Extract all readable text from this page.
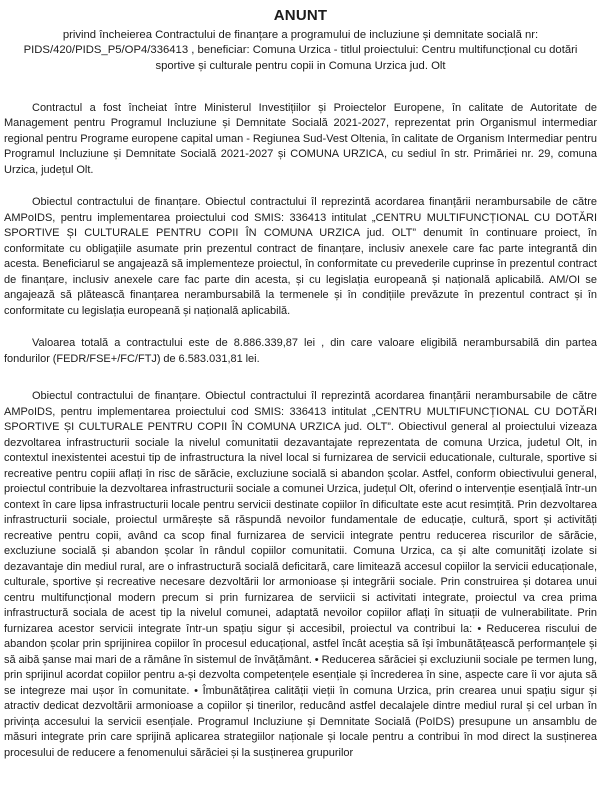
ANUNT

privind încheierea Contractului de finanțare a programului de incluziune și demnitate socială nr: PIDS/420/PIDS_P5/OP4/336413 , beneficiar: Comuna Urzica - titlul proiectului: Centru multifuncțional cu dotări sportive și culturale pentru copii in Comuna Urzica jud. Olt

Contractul a fost încheiat între Ministerul Investițiilor și Proiectelor Europene, în calitate de Autoritate de Management pentru Programul Incluziune și Demnitate Socială 2021-2027, reprezentat prin Organismul intermediar regional pentru Programe europene capital uman - Regiunea Sud-Vest Oltenia, în calitate de Organism Intermediar pentru Programul Incluziune și Demnitate Socială 2021-2027 și COMUNA URZICA, cu sediul în str. Primăriei nr. 29, comuna Urzica, județul Olt.

Obiectul contractului de finanțare. Obiectul contractului îl reprezintă acordarea finanțării nerambursabile de către AMPoIDS, pentru implementarea proiectului cod SMIS: 336413 intitulat „CENTRU MULTIFUNCȚIONAL CU DOTĂRI SPORTIVE ȘI CULTURALE PENTRU COPII ÎN COMUNA URZICA jud. OLT” denumit în continuare proiect, în conformitate cu obligațiile asumate prin prezentul contract de finanțare, inclusiv anexele care fac parte integrantă din acesta. Beneficiarul se angajează să implementeze proiectul, în conformitate cu prevederile cuprinse în prezentul contract de finanțare, inclusiv anexele care fac parte din acesta, și cu legislația europeană și națională aplicabilă. AM/OI se angajează să plătească finanțarea nerambursabilă la termenele și în condițiile prevăzute în prezentul contract și în conformitate cu legislația europeană și națională aplicabilă.

Valoarea totală a contractului este de 8.886.339,87 lei , din care valoare eligibilă nerambursabilă din partea fondurilor (FEDR/FSE+/FC/FTJ) de 6.583.031,81 lei.

Obiectul contractului de finanțare. Obiectul contractului îl reprezintă acordarea finanțării nerambursabile de către AMPoIDS, pentru implementarea proiectului cod SMIS: 336413 intitulat „CENTRU MULTIFUNCȚIONAL CU DOTĂRI SPORTIVE ȘI CULTURALE PENTRU COPII ÎN COMUNA URZICA jud. OLT”. Obiectivul general al proiectului vizeaza dezvoltarea infrastructurii sociale la nivelul comunitatii dezavantajate reprezentata de comuna Urzica, judetul Olt, in contextul inexistentei acestui tip de infrastructura la nivel local si furnizarea de servicii educationale, culturale, sportive si recreative pentru copiii aflați în risc de sărăcie, excluziune socială si abandon școlar. Astfel, conform obiectivului general, proiectul contribuie la dezvoltarea infrastructurii sociale a comunei Urzica, județul Olt, oferind o intervenție esențială într-un context în care lipsa infrastructurii locale pentru servicii destinate copiilor în dificultate este acut resimțită. Prin dezvoltarea infrastructurii sociale, proiectul urmărește să răspundă nevoilor fundamentale de educație, cultură, sport și activități recreative pentru copii, având ca scop final furnizarea de servicii integrate pentru reducerea riscurilor de sărăcie, excluziune socială și abandon școlar în rândul copiilor comunitatii. Comuna Urzica, ca și alte comunități izolate si dezavantaje din mediul rural, are o infrastructură socială deficitară, care limitează accesul copiilor la servicii educaționale, culturale, sportive și recreative necesare dezvoltării lor armonioase și integrării sociale. Prin construirea și dotarea unui centru multifuncțional modern precum si prin furnizarea de serviicii si activitati integrate, proiectul va crea prima infrastructură sociala de acest tip la nivelul comunei, adaptată nevoilor copiilor aflați în situații de vulnerabilitate. Prin furnizarea acestor servicii integrate într-un spațiu sigur și accesibil, proiectul va contribui la: • Reducerea riscului de abandon școlar prin sprijinirea copiilor în procesul educațional, astfel încât aceștia să își îmbunătățească performanțele și să aibă șanse mai mari de a rămâne în sistemul de învățământ. • Reducerea sărăciei și excluziunii sociale pe termen lung, prin sprijinul acordat copiilor pentru a-și dezvolta competențele esențiale și încrederea în sine, aspecte care îi vor ajuta să se integreze mai ușor în comunitate. • Îmbunătățirea calității vieții în comuna Urzica, prin crearea unui spațiu sigur și atractiv dedicat dezvoltării armonioase a copiilor și tinerilor, reducând astfel decalajele dintre mediul rural și cel urban în privința accesului la servicii esențiale. Programul Incluziune și Demnitate Socială (PoIDS) presupune un ansamblu de măsuri integrate prin care sprijină aplicarea strategiilor naționale și locale pentru a contribui în mod direct la susținerea procesului de reducere a fenomenului sărăciei și la susținerea grupurilor
